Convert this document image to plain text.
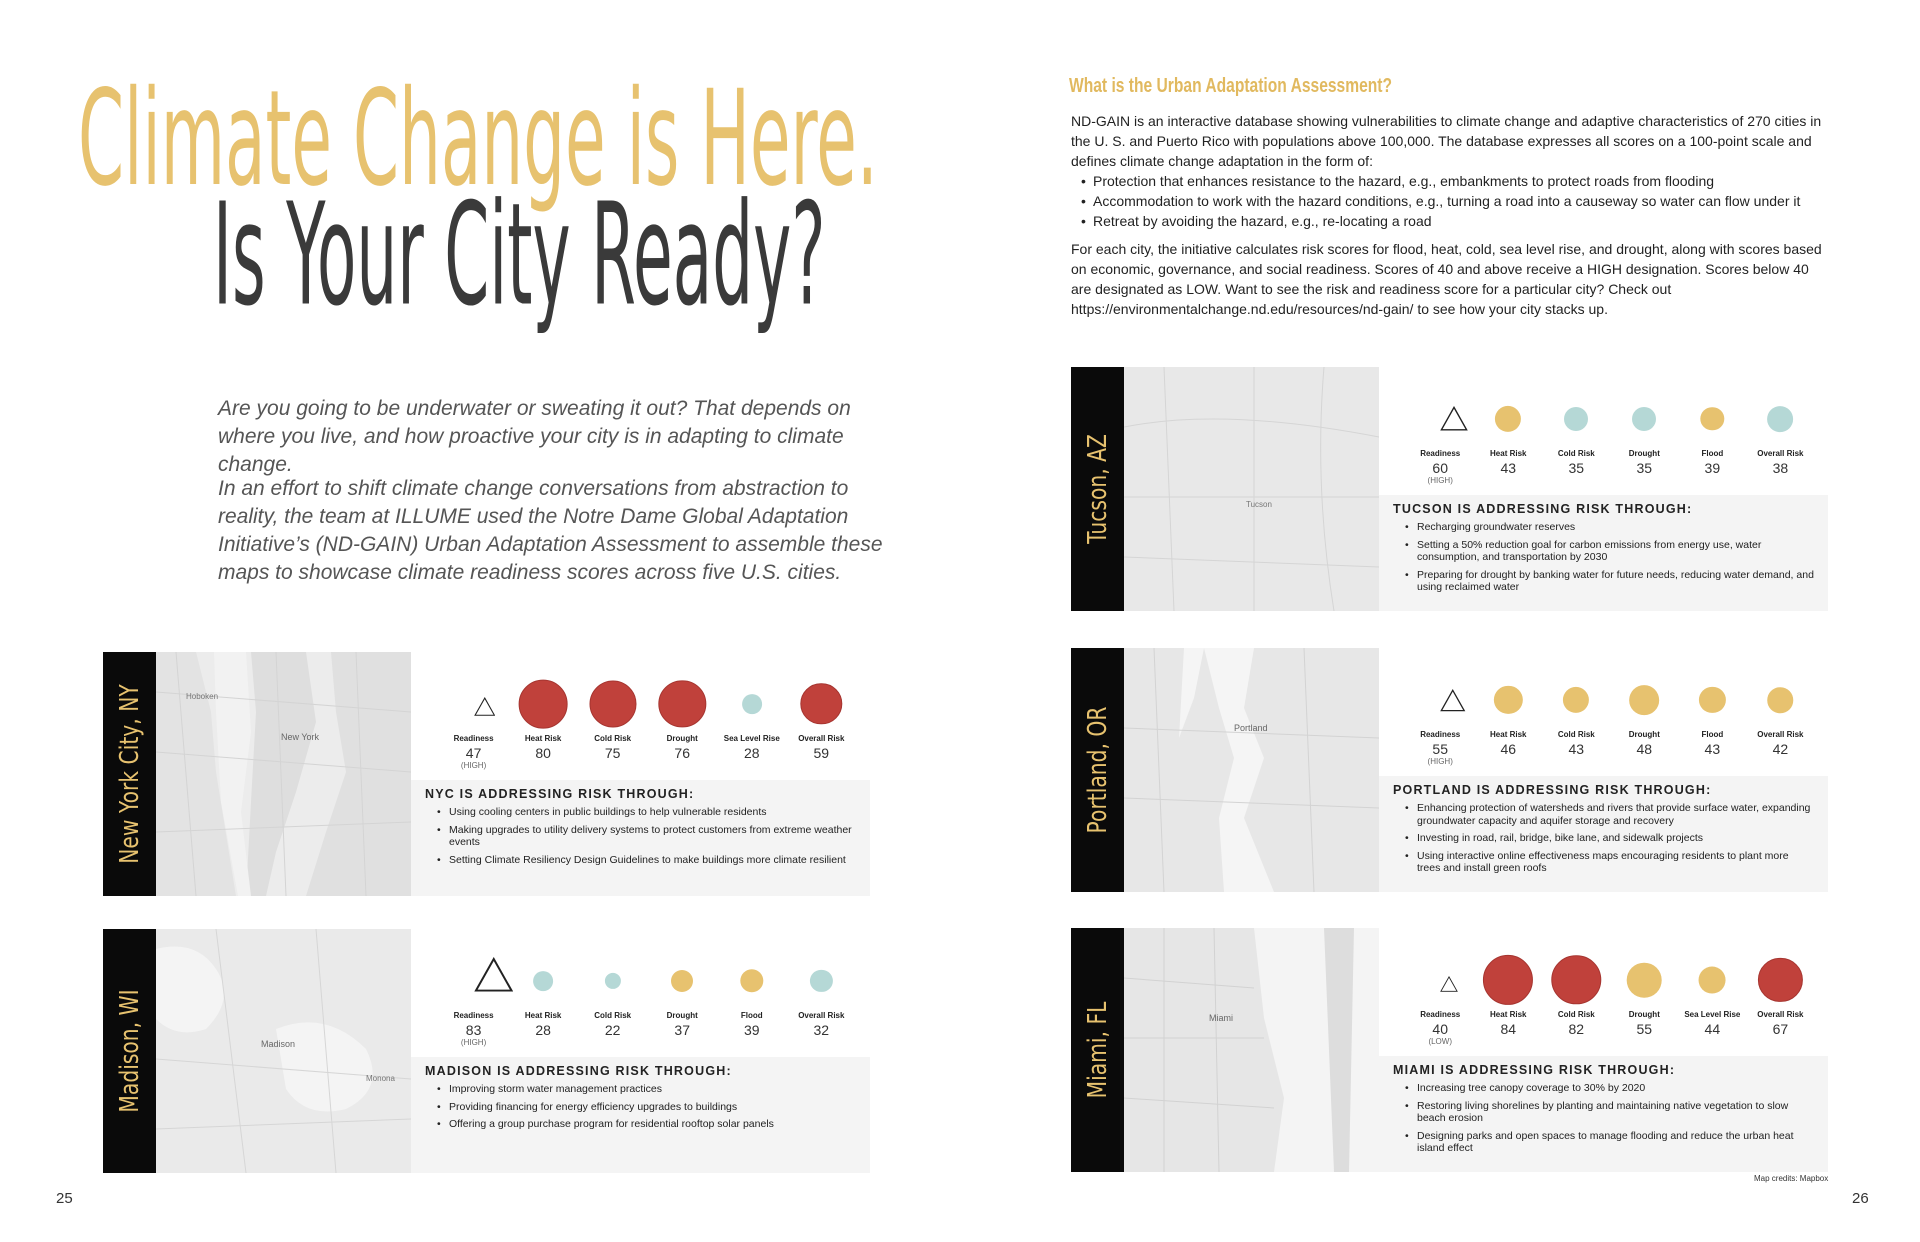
Climate Change is Here.
Is Your City Ready?
Are you going to be underwater or sweating it out? That depends on where you live, and how proactive your city is in adapting to climate change.
In an effort to shift climate change conversations from abstraction to reality, the team at ILLUME used the Notre Dame Global Adaptation Initiative’s (ND-GAIN) Urban Adaptation Assessment to assemble these maps to showcase climate readiness scores across five U.S. cities.
What is the Urban Adaptation Assessment?
ND-GAIN is an interactive database showing vulnerabilities to climate change and adaptive characteristics of 270 cities in the U. S. and Puerto Rico with populations above 100,000. The database expresses all scores on a 100-point scale and defines climate change adaptation in the form of:
• Protection that enhances resistance to the hazard, e.g., embankments to protect roads from flooding
• Accommodation to work with the hazard conditions, e.g., turning a road into a causeway so water can flow under it
• Retreat by avoiding the hazard, e.g., re-locating a road
For each city, the initiative calculates risk scores for flood, heat, cold, sea level rise, and drought, along with scores based on economic, governance, and social readiness. Scores of 40 and above receive a HIGH designation. Scores below 40 are designated as LOW. Want to see the risk and readiness score for a particular city? Check out https://environmentalchange.nd.edu/resources/nd-gain/ to see how your city stacks up.
New York City, NY	Hoboken
New York	Readiness
47
(HIGH)
Heat Risk
80
Cold Risk
75
Drought
76
Sea Level Rise
28
Overall Risk
59
NYC IS ADDRESSING RISK THROUGH:
• Using cooling centers in public buildings to help vulnerable residents
• Making upgrades to utility delivery systems to protect customers from extreme weather events
• Setting Climate Resiliency Design Guidelines to make buildings more climate resilient
Madison, WI	Madison
Monona
Readiness
83
(HIGH)
Heat Risk
28
Cold Risk
22
Drought
37
Flood
39
Overall Risk
32
MADISON IS ADDRESSING RISK THROUGH:
• Improving storm water management practices
• Providing financing for energy efficiency upgrades to buildings
• Offering a group purchase program for residential rooftop solar panels
Tucson, AZ	Tucson
Readiness
60
(HIGH)
Heat Risk
43
Cold Risk
35
Drought
35
Flood
39
Overall Risk
38
TUCSON IS ADDRESSING RISK THROUGH:
• Recharging groundwater reserves
• Setting a 50% reduction goal for carbon emissions from energy use, water consumption, and transportation by 2030
• Preparing for drought by banking water for future needs, reducing water demand, and using reclaimed water
Portland, OR	Portland
Readiness
55
(HIGH)
Heat Risk
46
Cold Risk
43
Drought
48
Flood
43
Overall Risk
42
PORTLAND IS ADDRESSING RISK THROUGH:
• Enhancing protection of watersheds and rivers that provide surface water, expanding groundwater capacity and aquifer storage and recovery
• Investing in road, rail, bridge, bike lane, and sidewalk projects
• Using interactive online effectiveness maps encouraging residents to plant more trees and install green roofs
Miami, FL	Miami	Readiness
40
(LOW)
Heat Risk
84
Cold Risk
82
Drought
55
Sea Level Rise
44
Overall Risk
67
MIAMI IS ADDRESSING RISK THROUGH:
• Increasing tree canopy coverage to 30% by 2020
• Restoring living shorelines by planting and maintaining native vegetation to slow beach erosion
• Designing parks and open spaces to manage flooding and reduce the urban heat island effect
Map credits: Mapbox
25	26
